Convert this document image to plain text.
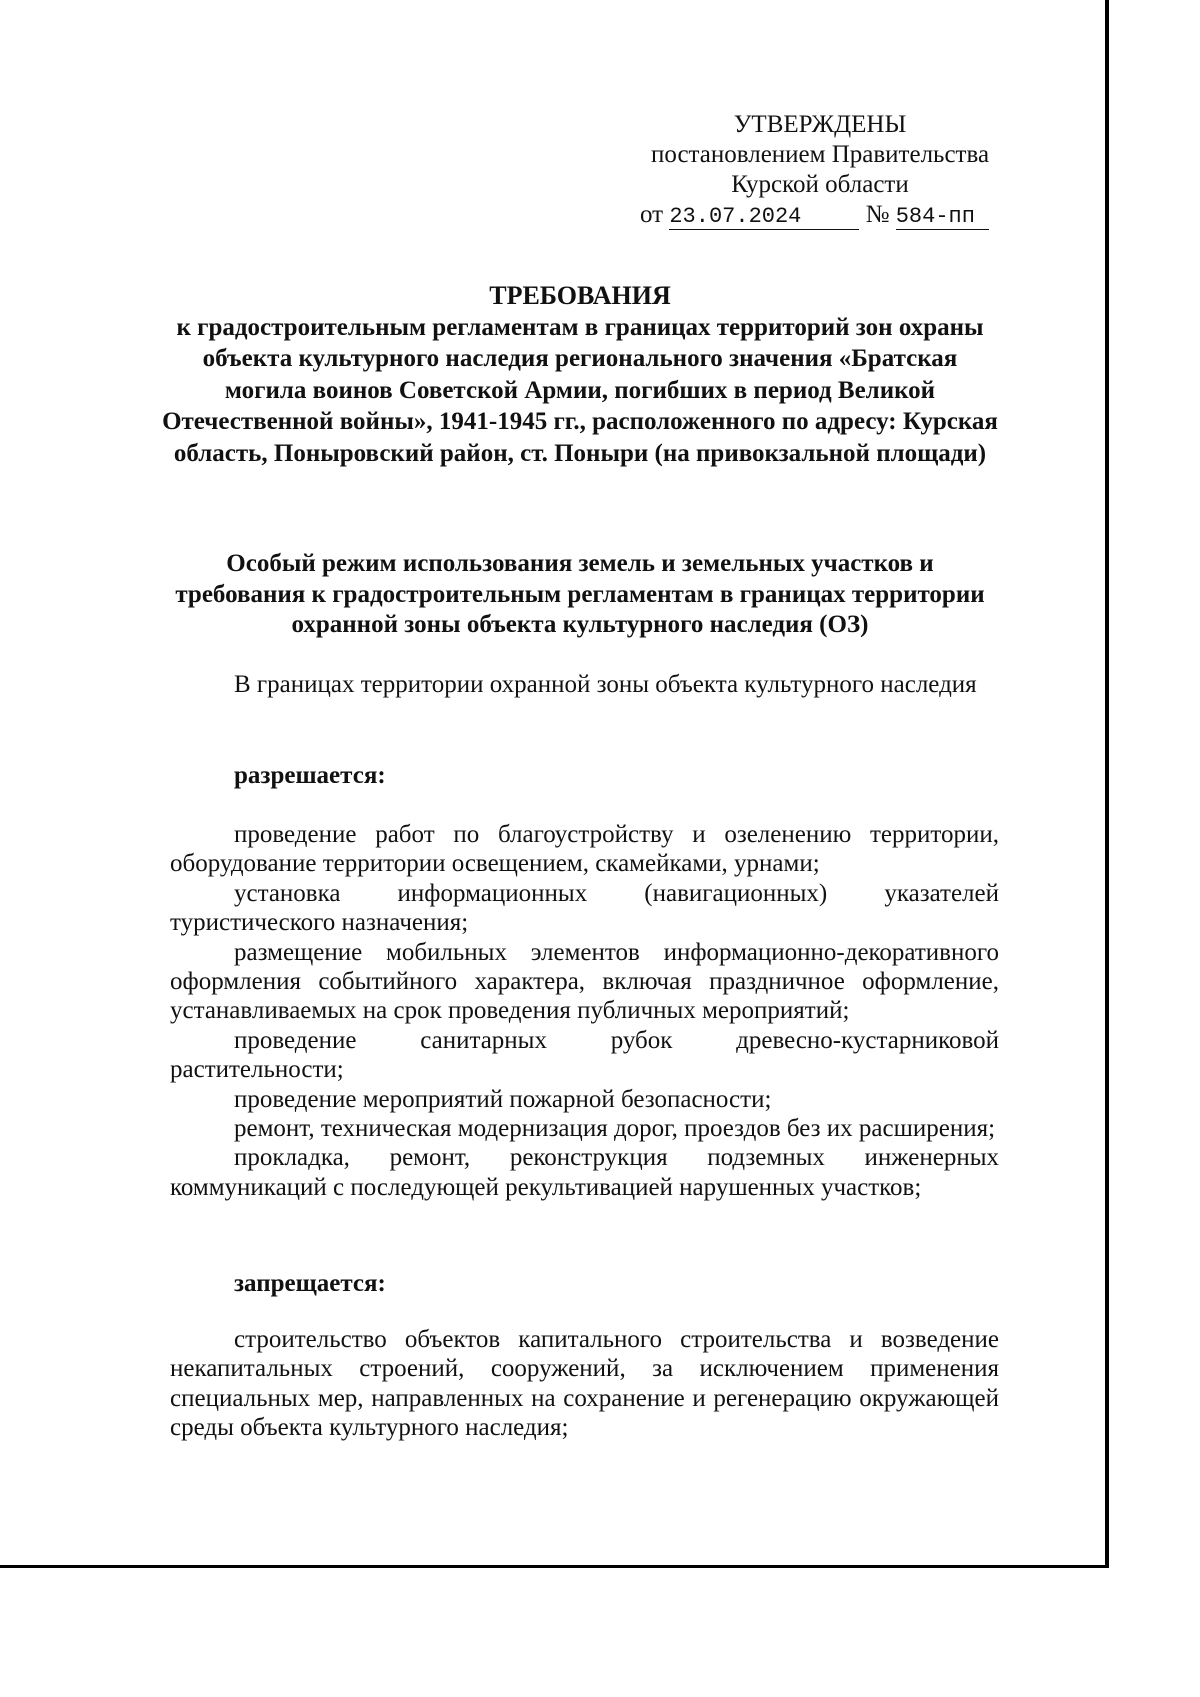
УТВЕРЖДЕНЫ
постановлением Правительства
Курской области
от 23.07.2024	№ 584-пп
ТРЕБОВАНИЯ
к градостроительным регламентам в границах территорий зон охраны объекта культурного наследия регионального значения «Братская могила воинов Советской Армии, погибших в период Великой Отечественной войны», 1941-1945 гг., расположенного по адресу: Курская область, Поныровский район, ст. Поныри (на привокзальной площади)
Особый режим использования земель и земельных участков и требования к градостроительным регламентам в границах территории охранной зоны объекта культурного наследия (ОЗ)

В границах территории охранной зоны объекта культурного наследия

разрешается:

проведение работ по благоустройству и озеленению территории, оборудование территории освещением, скамейками, урнами;

установка информационных (навигационных) указателей туристического назначения;

размещение мобильных элементов информационно-декоративного оформления событийного характера, включая праздничное оформление, устанавливаемых на срок проведения публичных мероприятий;

проведение санитарных рубок древесно-кустарниковой растительности;

проведение мероприятий пожарной безопасности;

ремонт, техническая модернизация дорог, проездов без их расширения;

прокладка, ремонт, реконструкция подземных инженерных коммуникаций с последующей рекультивацией нарушенных участков;

запрещается:

строительство объектов капитального строительства и возведение некапитальных строений, сооружений, за исключением применения специальных мер, направленных на сохранение и регенерацию окружающей среды объекта культурного наследия;
